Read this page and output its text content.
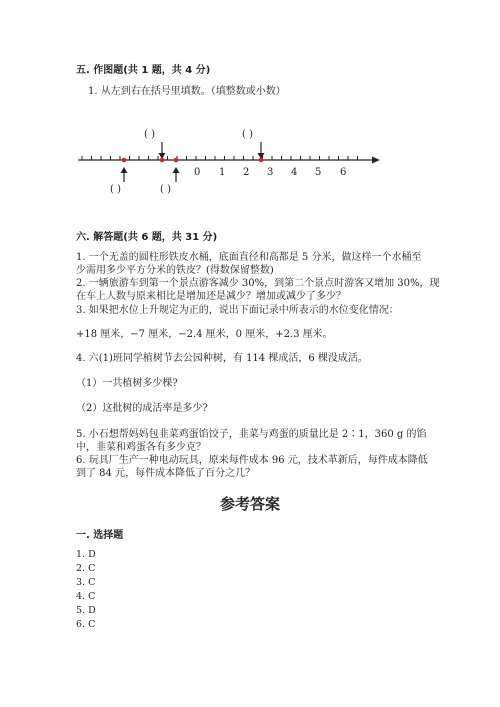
五. 作图题(共 1 题，共 4 分)
1. 从左到右在括号里填数。（填整数或小数）
( )	( )
0 1 2 3 4 5 6
( )	( )
六. 解答题(共 6 题，共 31 分)
1. 一个无盖的圆柱形铁皮水桶，底面直径和高都是 5 分米，做这样一个水桶至
少需用多少平方分米的铁皮？(得数保留整数)
2. 一辆旅游车到第一个景点游客减少 30%，到第二个景点时游客又增加 30%，现
在车上人数与原来相比是增加还是减少？增加或减少了多少？
3. 如果把水位上升规定为正的，说出下面记录中所表示的水位变化情况：
+18 厘米，−7 厘米，−2.4 厘米，0 厘米，+2.3 厘米。
4. 六(1)班同学植树节去公园种树，有 114 棵成活，6 棵没成活。
（1）一共植树多少棵?
（2）这批树的成活率是多少?
5. 小石想帮妈妈包韭菜鸡蛋馅饺子，韭菜与鸡蛋的质量比是 2∶1，360 g 的馅
中，韭菜和鸡蛋各有多少克？
6. 玩具厂生产一种电动玩具，原来每件成本 96 元，技术革新后，每件成本降低
到了 84 元，每件成本降低了百分之几？
参考答案
一. 选择题
1. D
2. C
3. C
4. C
5. D
6. C
